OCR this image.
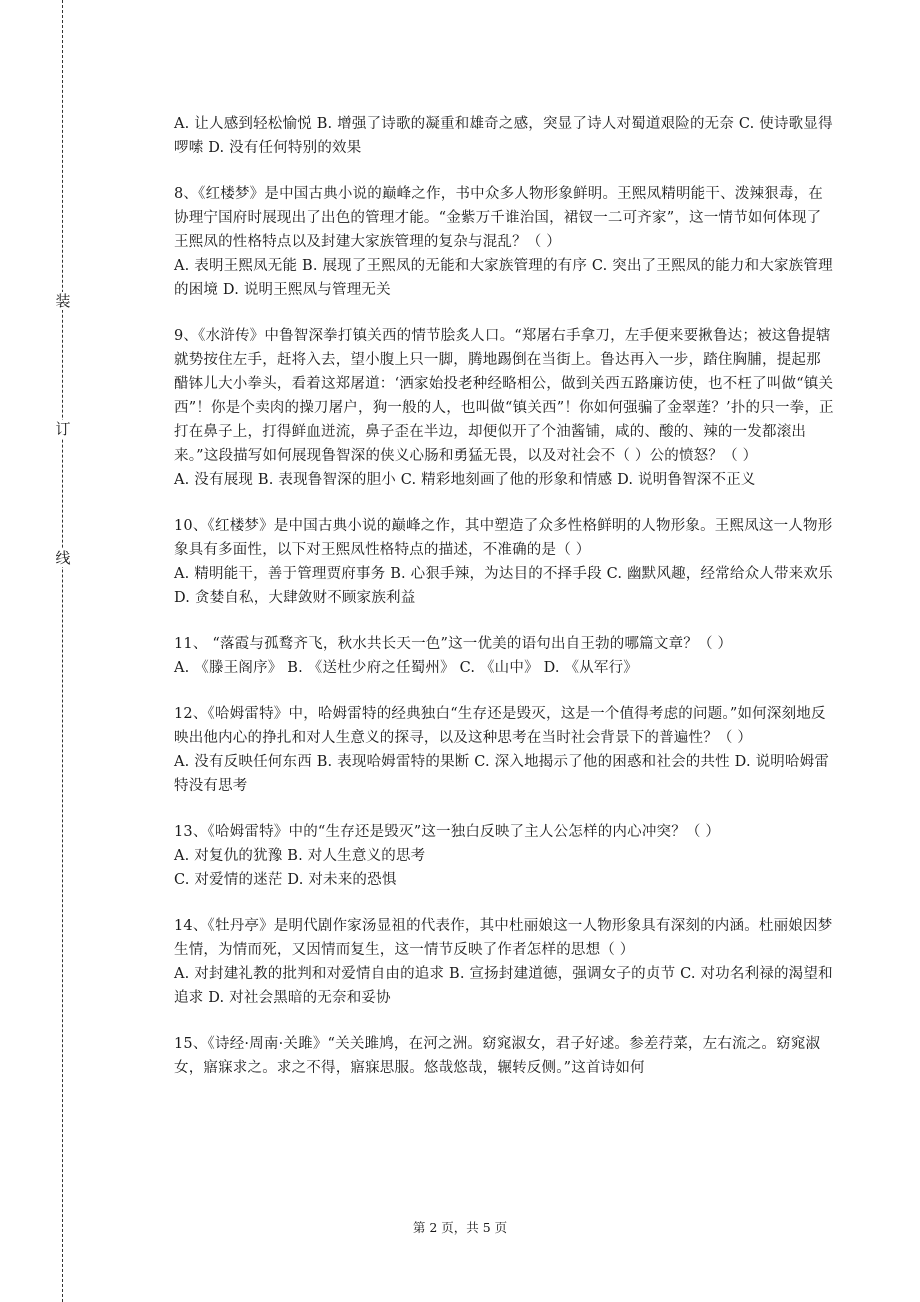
装
订
线

A. 让人感到轻松愉悦 B. 增强了诗歌的凝重和雄奇之感，突显了诗人对蜀道艰险的无奈 C. 使诗歌显得啰嗦 D. 没有任何特别的效果

8、《红楼梦》是中国古典小说的巅峰之作，书中众多人物形象鲜明。王熙凤精明能干、泼辣狠毒，在协理宁国府时展现出了出色的管理才能。“金紫万千谁治国，裙钗一二可齐家”，这一情节如何体现了王熙凤的性格特点以及封建大家族管理的复杂与混乱？（ ）

A. 表明王熙凤无能 B. 展现了王熙凤的无能和大家族管理的有序 C. 突出了王熙凤的能力和大家族管理的困境 D. 说明王熙凤与管理无关

9、《水浒传》中鲁智深拳打镇关西的情节脍炙人口。“郑屠右手拿刀，左手便来要揪鲁达；被这鲁提辖就势按住左手，赶将入去，望小腹上只一脚，腾地踢倒在当街上。鲁达再入一步，踏住胸脯，提起那醋钵儿大小拳头，看着这郑屠道：‘洒家始投老种经略相公，做到关西五路廉访使，也不枉了叫做“镇关西”！你是个卖肉的操刀屠户，狗一般的人，也叫做“镇关西”！你如何强骗了金翠莲？’扑的只一拳，正打在鼻子上，打得鲜血迸流，鼻子歪在半边，却便似开了个油酱铺，咸的、酸的、辣的一发都滚出来。”这段描写如何展现鲁智深的侠义心肠和勇猛无畏，以及对社会不（ ）公的愤怒？（ ）

A. 没有展现 B. 表现鲁智深的胆小 C. 精彩地刻画了他的形象和情感 D. 说明鲁智深不正义

10、《红楼梦》是中国古典小说的巅峰之作，其中塑造了众多性格鲜明的人物形象。王熙凤这一人物形象具有多面性，以下对王熙凤性格特点的描述，不准确的是（ ）

A. 精明能干，善于管理贾府事务 B. 心狠手辣，为达目的不择手段 C. 幽默风趣，经常给众人带来欢乐 D. 贪婪自私，大肆敛财不顾家族利益

11、 “落霞与孤鹜齐飞，秋水共长天一色”这一优美的语句出自王勃的哪篇文章？（ ）

A. 《滕王阁序》 B. 《送杜少府之任蜀州》 C. 《山中》 D. 《从军行》

12、《哈姆雷特》中，哈姆雷特的经典独白“生存还是毁灭，这是一个值得考虑的问题。”如何深刻地反映出他内心的挣扎和对人生意义的探寻，以及这种思考在当时社会背景下的普遍性？（ ）

A. 没有反映任何东西 B. 表现哈姆雷特的果断 C. 深入地揭示了他的困惑和社会的共性 D. 说明哈姆雷特没有思考

13、《哈姆雷特》中的“生存还是毁灭”这一独白反映了主人公怎样的内心冲突？（ ）

A. 对复仇的犹豫 B. 对人生意义的思考

C. 对爱情的迷茫 D. 对未来的恐惧

14、《牡丹亭》是明代剧作家汤显祖的代表作，其中杜丽娘这一人物形象具有深刻的内涵。杜丽娘因梦生情，为情而死，又因情而复生，这一情节反映了作者怎样的思想（ ）

A. 对封建礼教的批判和对爱情自由的追求 B. 宣扬封建道德，强调女子的贞节 C. 对功名利禄的渴望和追求 D. 对社会黑暗的无奈和妥协

15、《诗经·周南·关雎》“关关雎鸠，在河之洲。窈窕淑女，君子好逑。参差荇菜，左右流之。窈窕淑女，寤寐求之。求之不得，寤寐思服。悠哉悠哉，辗转反侧。”这首诗如何

第 2 页，共 5 页
